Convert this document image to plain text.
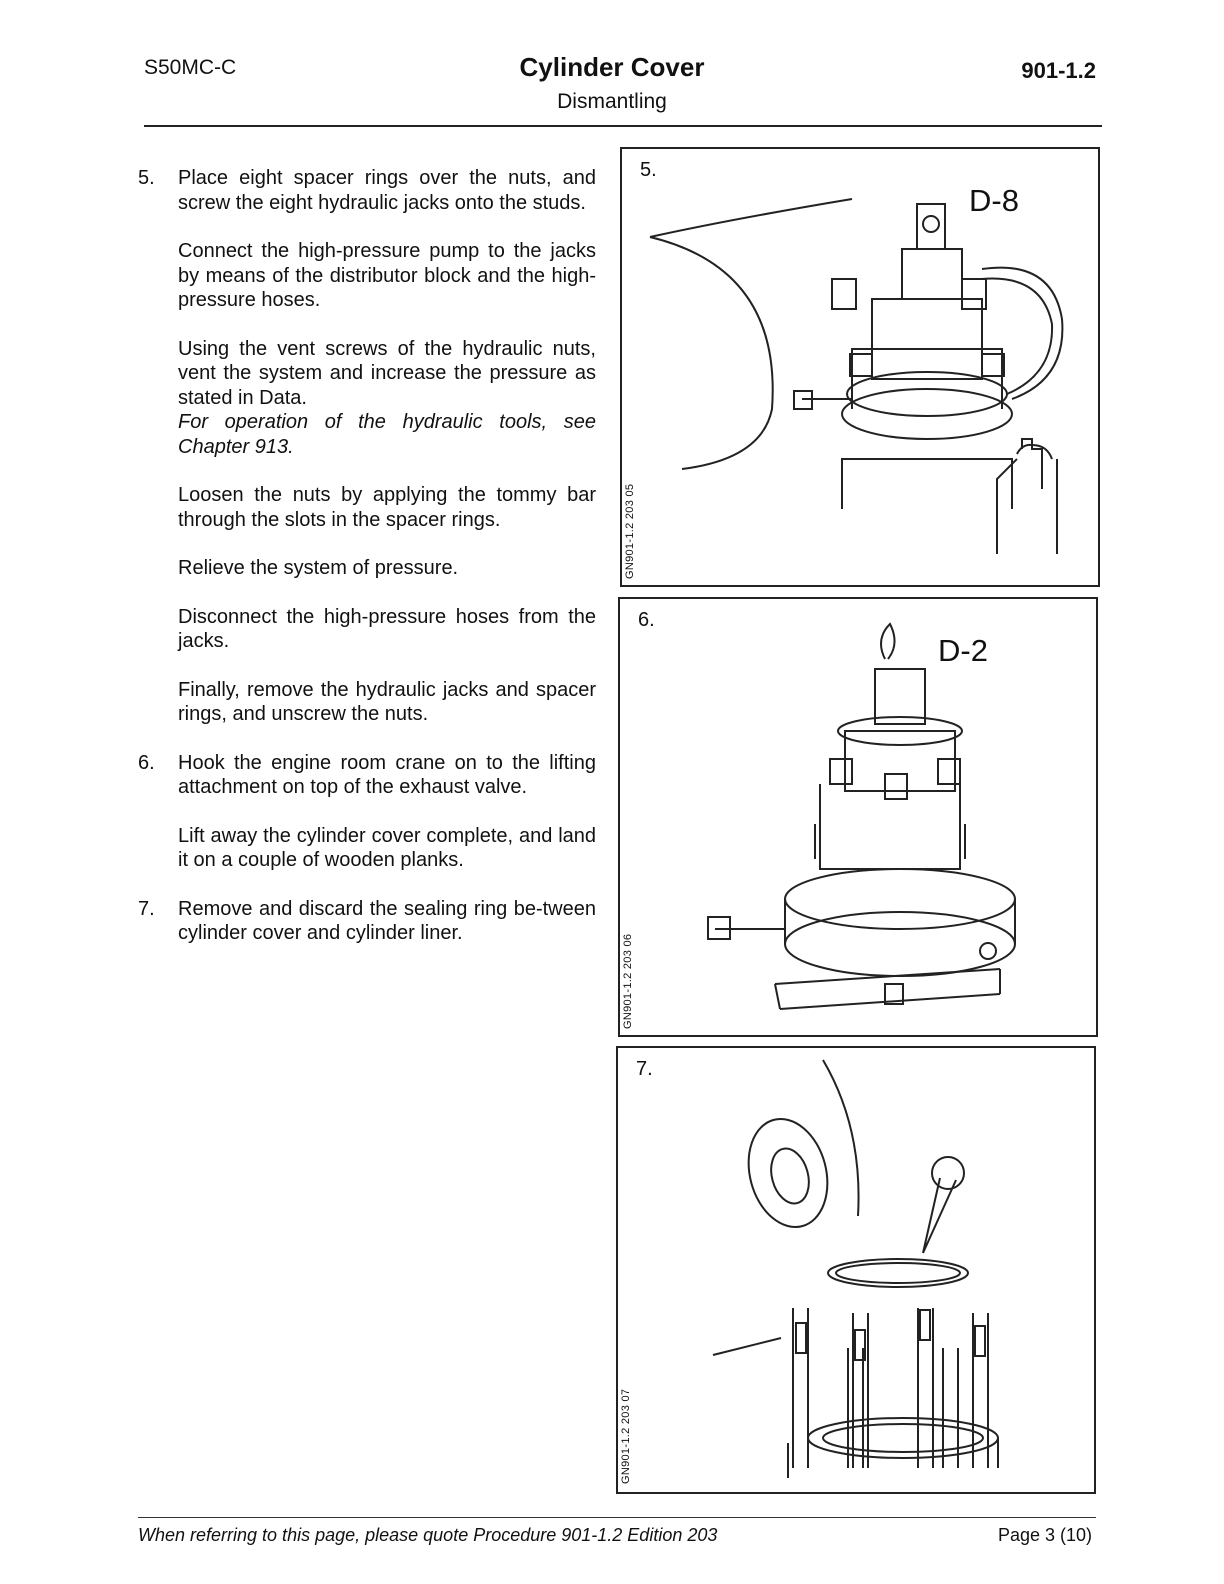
S50MC-C	Cylinder Cover
Dismantling
901-1.2
5.	Place eight spacer rings over the nuts, and screw the eight hydraulic jacks onto the studs.

Connect the high-pressure pump to the jacks by means of the distributor block and the high-pressure hoses.

Using the vent screws of the hydraulic nuts, vent the system and increase the pressure as stated in Data.

For operation of the hydraulic tools, see Chapter 913.

Loosen the nuts by applying the tommy bar through the slots in the spacer rings.

Relieve the system of pressure.

Disconnect the high-pressure hoses from the jacks.

Finally, remove the hydraulic jacks and spacer rings, and unscrew the nuts.

6.	Hook the engine room crane on to the lifting attachment on top of the exhaust valve.

Lift away the cylinder cover complete, and land it on a couple of wooden planks.

7.	Remove and discard the sealing ring be-tween cylinder cover and cylinder liner.

5.
D-8
GN901-1.2 203 05
6.
D-2
GN901-1.2 203 06
7.
GN901-1.2 203 07
When referring to this page, please quote Procedure 901-1.2 Edition 203	Page 3 (10)
